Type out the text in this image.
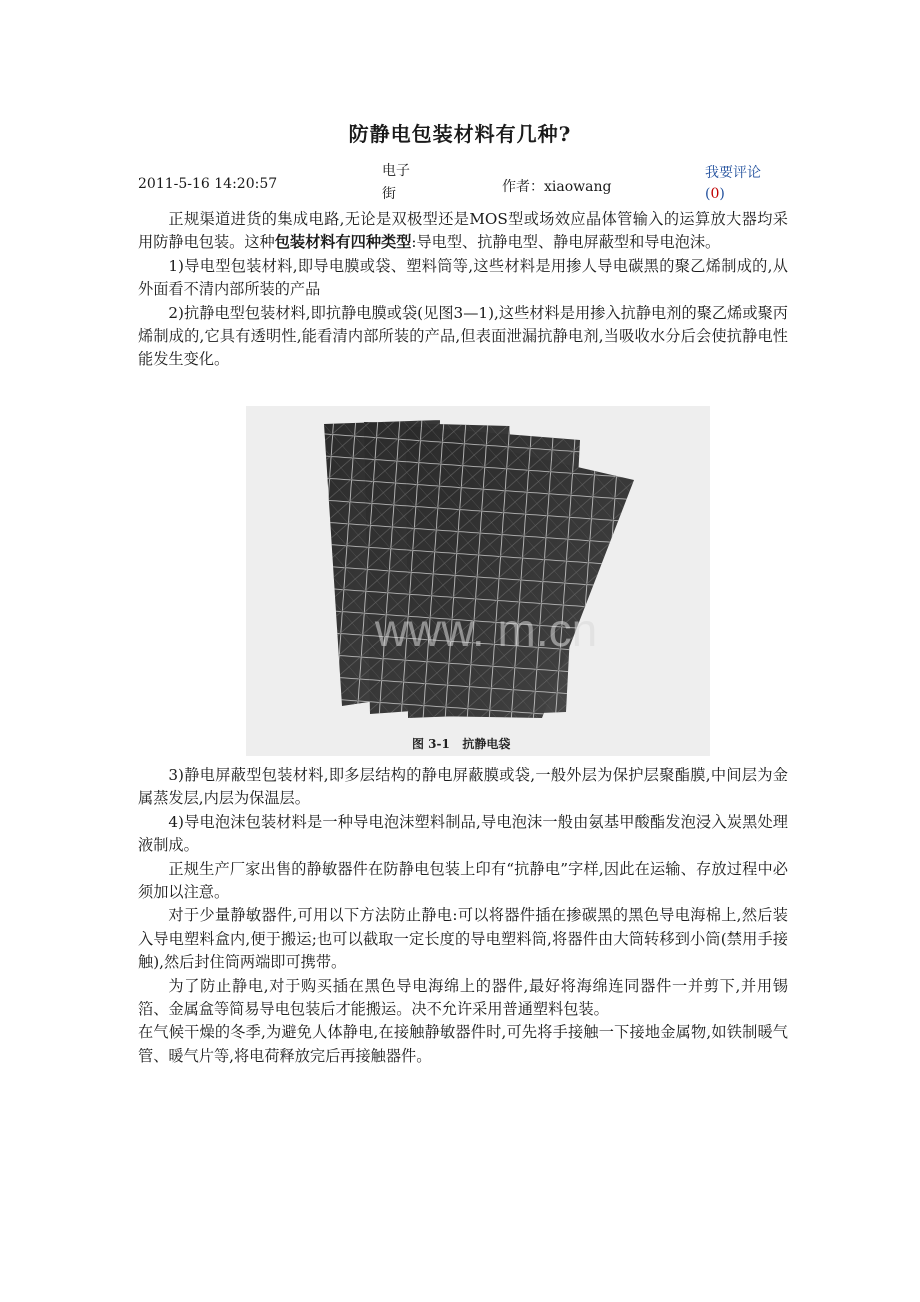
防静电包装材料有几种?
2011-5-16 14:20:57
电子街	作者：xiaowang
我要评论
(0)

正规渠道进货的集成电路,无论是双极型还是MOS型或场效应晶体管输入的运算放大器均采用防静电包装。这种包装材料有四种类型:导电型、抗静电型、静电屏蔽型和导电泡沫。

1)导电型包装材料,即导电膜或袋、塑料筒等,这些材料是用掺人导电碳黑的聚乙烯制成的,从外面看不清内部所装的产品

2)抗静电型包装材料,即抗静电膜或袋(见图3—1),这些材料是用掺入抗静电剂的聚乙烯或聚丙烯制成的,它具有透明性,能看清内部所装的产品,但表面泄漏抗静电剂,当吸收水分后会使抗静电性能发生变化。

www. m.cn
图 3-1   抗静电袋

3)静电屏蔽型包装材料,即多层结构的静电屏蔽膜或袋,一般外层为保护层聚酯膜,中间层为金属蒸发层,内层为保温层。

4)导电泡沫包装材料是一种导电泡沫塑料制品,导电泡沫一般由氨基甲酸酯发泡浸入炭黑处理液制成。

正规生产厂家出售的静敏器件在防静电包装上印有“抗静电”字样,因此在运输、存放过程中必须加以注意。

对于少量静敏器件,可用以下方法防止静电:可以将器件插在掺碳黑的黑色导电海棉上,然后装入导电塑料盒内,便于搬运;也可以截取一定长度的导电塑料筒,将器件由大筒转移到小筒(禁用手接触),然后封住筒两端即可携带。

为了防止静电,对于购买插在黑色导电海绵上的器件,最好将海绵连同器件一并剪下,并用锡箔、金属盒等简易导电包装后才能搬运。决不允许采用普通塑料包装。

在气候干燥的冬季,为避免人体静电,在接触静敏器件时,可先将手接触一下接地金属物,如铁制暖气管、暖气片等,将电荷释放完后再接触器件。
